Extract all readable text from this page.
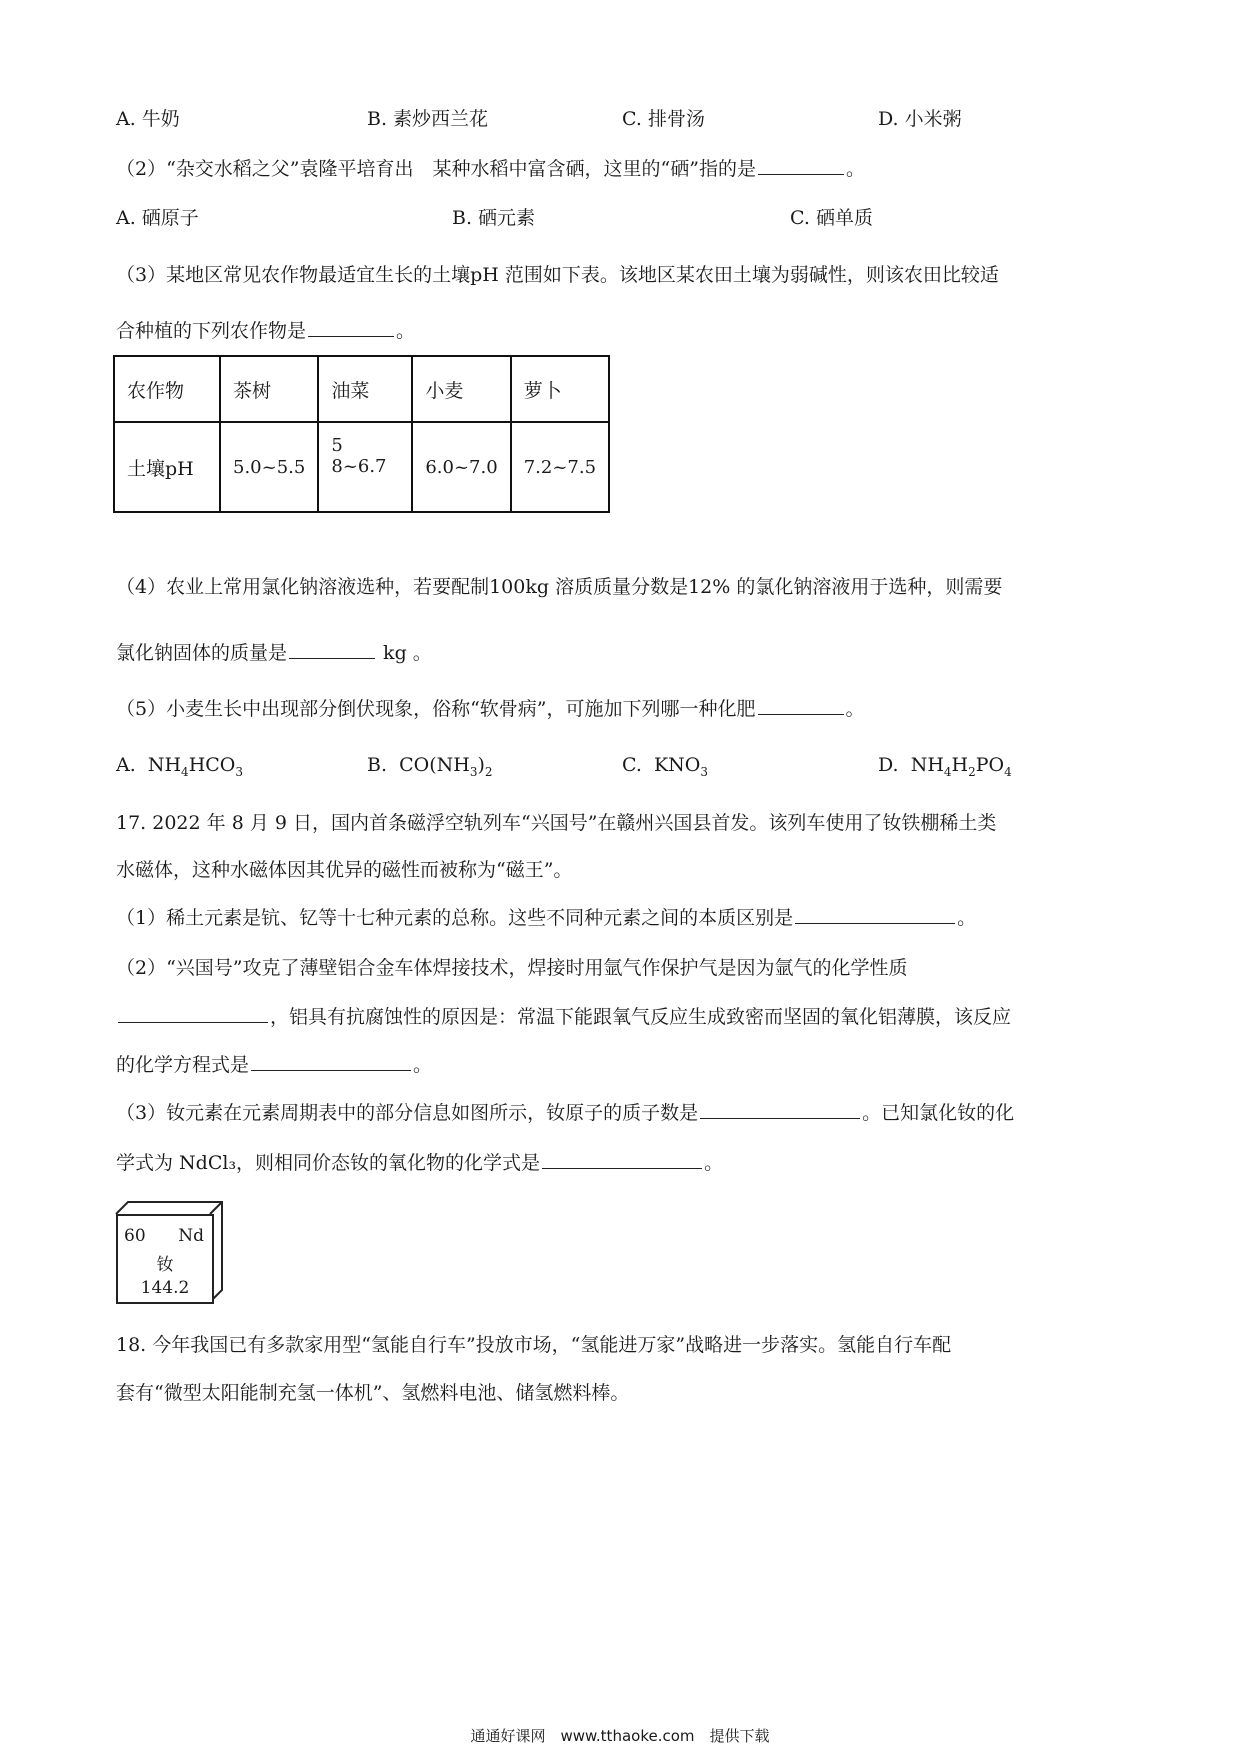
A. 牛奶	B. 素炒西兰花	C. 排骨汤	D. 小米粥
（2）“杂交水稻之父”袁隆平培育出　某种水稻中富含硒，这里的“硒”指的是	。
A. 硒原子	B. 硒元素	C. 硒单质
（3）某地区常见农作物最适宜生长的土壤pH 范围如下表。该地区某农田土壤为弱碱性，则该农田比较适
合种植的下列农作物是	。
农作物	茶树	油菜	小麦	萝卜
土壤pH	5.0~5.5	5 8~6.7	6.0~7.0	7.2~7.5
（4）农业上常用氯化钠溶液选种，若要配制100kg 溶质质量分数是12% 的氯化钠溶液用于选种，则需要
氯化钠固体的质量是	kg 。
（5）小麦生长中出现部分倒伏现象，俗称“软骨病”，可施加下列哪一种化肥	。
A.  $NH_4HCO_3$	B.  $CO(NH_3)_2$	C.  $KNO_3$	D.  $NH_4H_2PO_4$
17. 2022 年 8 月 9 日，国内首条磁浮空轨列车“兴国号”在赣州兴国县首发。该列车使用了钕铁棚稀土类
水磁体，这种水磁体因其优异的磁性而被称为“磁王”。
（1）稀土元素是钪、钇等十七种元素的总称。这些不同种元素之间的本质区别是	。
（2）“兴国号”攻克了薄壁铝合金车体焊接技术，焊接时用氩气作保护气是因为氩气的化学性质
，铝具有抗腐蚀性的原因是：常温下能跟氧气反应生成致密而坚固的氧化铝薄膜，该反应
的化学方程式是	。
（3）钕元素在元素周期表中的部分信息如图所示，钕原子的质子数是	。已知氯化钕的化
学式为 NdCl₃，则相同价态钕的氧化物的化学式是	。
60 Nd
钕
144.2
18. 今年我国已有多款家用型“氢能自行车”投放市场，“氢能进万家”战略进一步落实。氢能自行车配
套有“微型太阳能制充氢一体机”、氢燃料电池、储氢燃料棒。
通通好课网　www.tthaoke.com　提供下载
